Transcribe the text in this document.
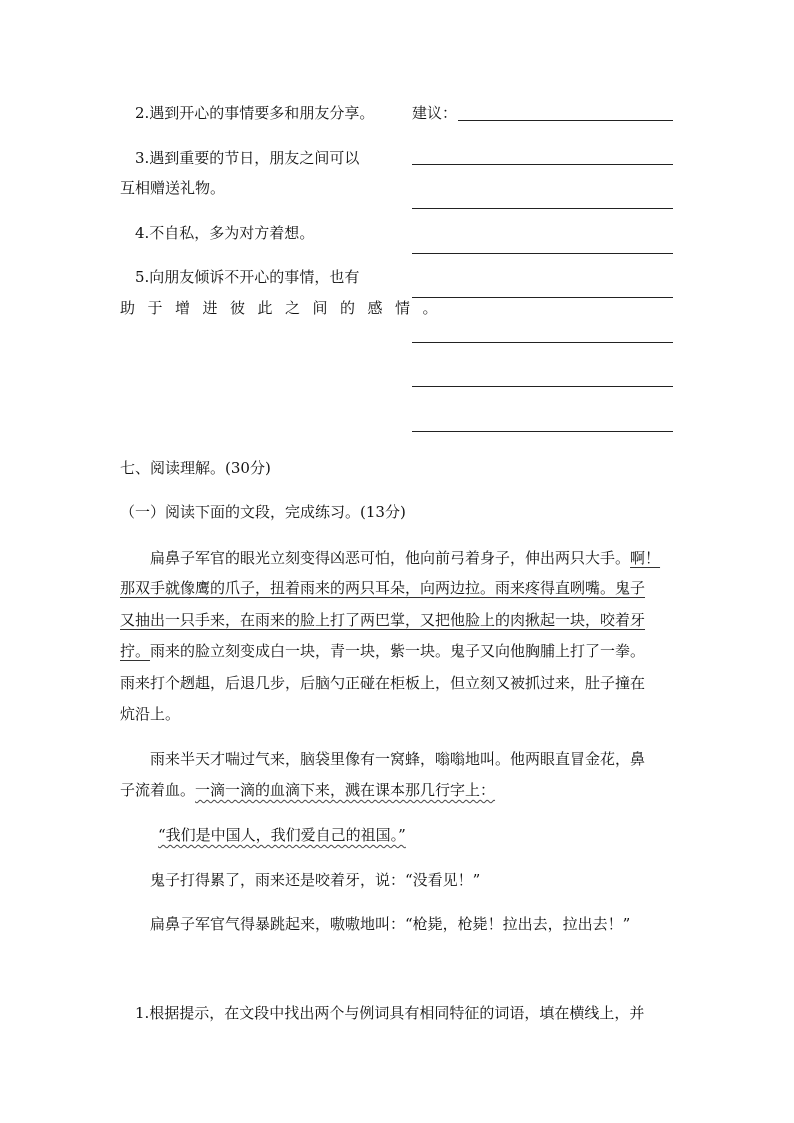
2.遇到开心的事情要多和朋友分享。
3.遇到重要的节日，朋友之间可以
互相赠送礼物。
4.不自私，多为对方着想。
5.向朋友倾诉不开心的事情，也有
助于增进彼此之间的感情。
建议：
七、阅读理解。(30分)
（一）阅读下面的文段，完成练习。(13分)
扁鼻子军官的眼光立刻变得凶恶可怕，他向前弓着身子，伸出两只大手。啊！
那双手就像鹰的爪子，扭着雨来的两只耳朵，向两边拉。雨来疼得直咧嘴。鬼子
又抽出一只手来，在雨来的脸上打了两巴掌，又把他脸上的肉揪起一块，咬着牙
拧。雨来的脸立刻变成白一块，青一块，紫一块。鬼子又向他胸脯上打了一拳。
雨来打个趔趄，后退几步，后脑勺正碰在柜板上，但立刻又被抓过来，肚子撞在
炕沿上。
雨来半天才喘过气来，脑袋里像有一窝蜂，嗡嗡地叫。他两眼直冒金花，鼻
子流着血。一滴一滴的血滴下来，溅在课本那几行字上：
“我们是中国人，我们爱自己的祖国。”
鬼子打得累了，雨来还是咬着牙，说：“没看见！”
扁鼻子军官气得暴跳起来，嗷嗷地叫：“枪毙，枪毙！拉出去，拉出去！”
1.根据提示，在文段中找出两个与例词具有相同特征的词语，填在横线上，并
